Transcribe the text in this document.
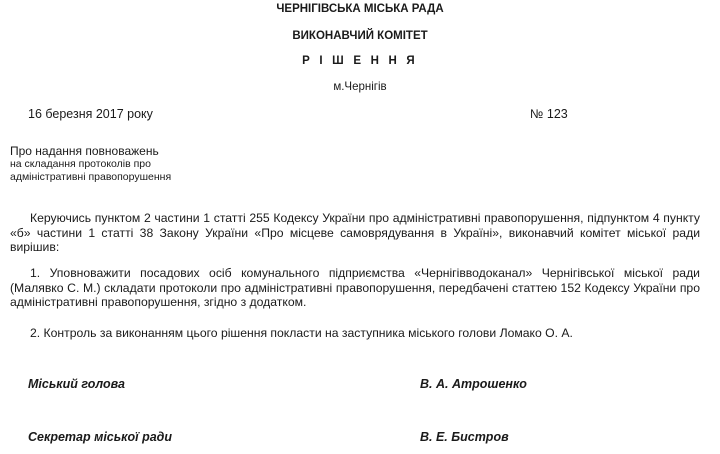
ЧЕРНІГІВСЬКА МІСЬКА РАДА
ВИКОНАВЧИЙ КОМІТЕТ
Р І Ш Е Н Н Я
м.Чернігів
16 березня 2017 року	№ 123
Про надання повноважень
на складання протоколів про
адміністративні правопорушення
Керуючись пунктом 2 частини 1 статті 255 Кодексу України про адміністративні правопорушення, підпунктом 4 пункту «б» частини 1 статті 38 Закону України «Про місцеве самоврядування в Україні», виконавчий комітет міської ради вирішив:
1. Уповноважити посадових осіб комунального підприємства «Чернігівводоканал» Чернігівської міської ради (Малявко С. М.) складати протоколи про адміністративні правопорушення, передбачені статтею 152 Кодексу України про адміністративні правопорушення, згідно з додатком.
2. Контроль за виконанням цього рішення покласти на заступника міського голови Ломако О. А.
Міський голова	В. А. Атрошенко
Секретар міської ради	В. Е. Бистров
